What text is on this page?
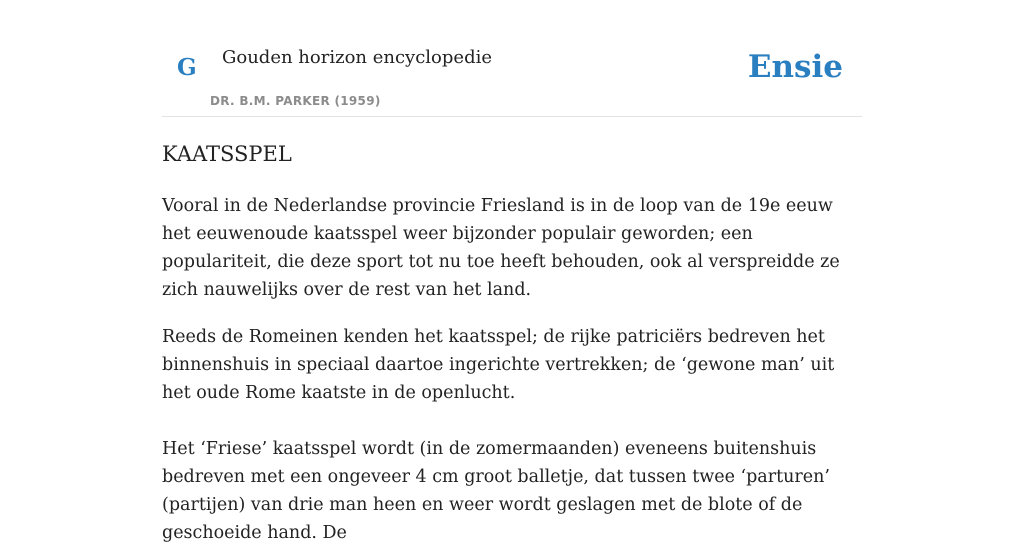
G Gouden horizon encyclopedie
DR. B.M. PARKER (1959)
Ensie
KAATSSPEL

Vooral in de Nederlandse provincie Friesland is in de loop van de 19e eeuw het eeuwenoude kaatsspel weer bijzonder populair geworden; een populariteit, die deze sport tot nu toe heeft behouden, ook al verspreidde ze zich nauwelijks over de rest van het land.

Reeds de Romeinen kenden het kaatsspel; de rijke patriciërs bedreven het binnenshuis in speciaal daartoe ingerichte vertrekken; de ‘gewone man’ uit het oude Rome kaatste in de openlucht.

Het ‘Friese’ kaatsspel wordt (in de zomermaanden) eveneens buitenshuis bedreven met een ongeveer 4 cm groot balletje, dat tussen twee ‘parturen’ (partijen) van drie man heen en weer wordt geslagen met de blote of de geschoeide hand. De
